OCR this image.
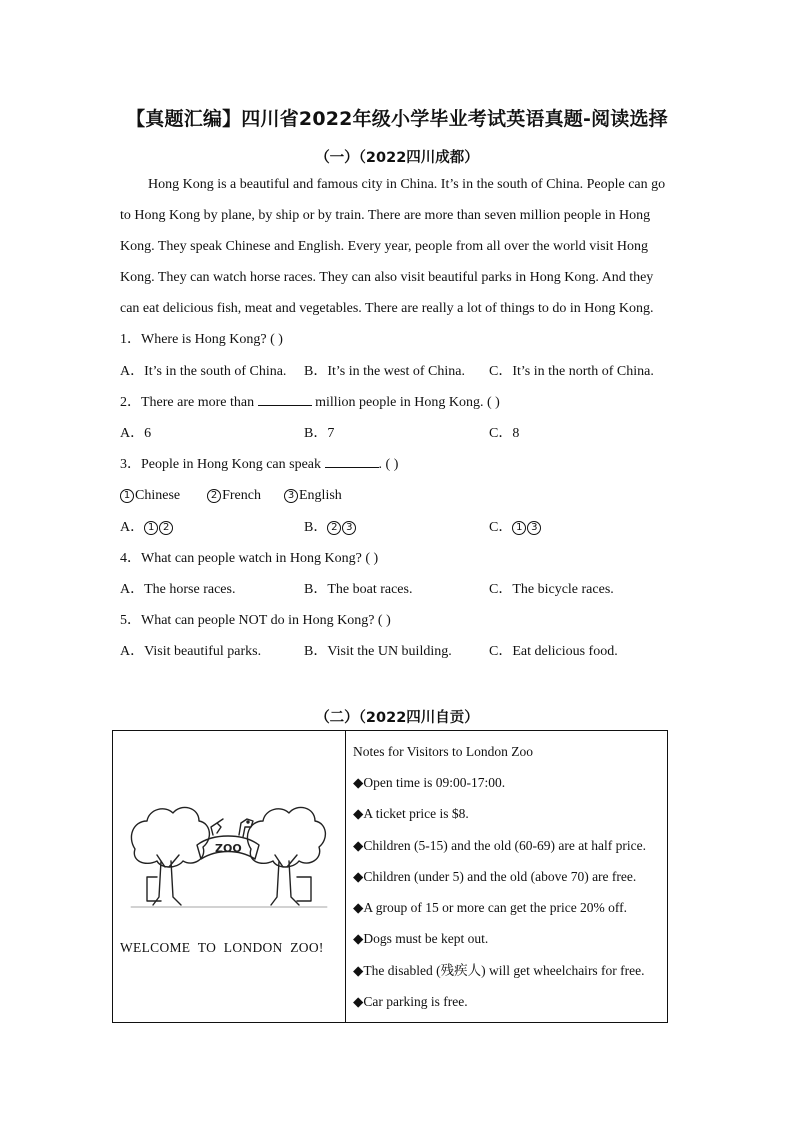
【真题汇编】四川省2022年级小学毕业考试英语真题-阅读选择
（一）（2022四川成都）

Hong Kong is a beautiful and famous city in China. It’s in the south of China. People can go to Hong Kong by plane, by ship or by train. There are more than seven million people in Hong Kong. They speak Chinese and English. Every year, people from all over the world visit Hong Kong. They can watch horse races. They can also visit beautiful parks in Hong Kong. And they can eat delicious fish, meat and vegetables. There are really a lot of things to do in Hong Kong.

1．Where is Hong Kong? ( )
A．It’s in the south of China. B．It’s in the west of China. C．It’s in the north of China.
2．There are more than	million people in Hong Kong. ( )
A．6	B．7	C．8
3．People in Hong Kong can speak	. ( )
1 Chinese	2 French	3 English
A． 1 2	B． 2 3	C． 1 3
4．What can people watch in Hong Kong? ( )
A．The horse races.	B．The boat races.	C．The bicycle races.
5．What can people NOT do in Hong Kong? ( )
A．Visit beautiful parks.	B．Visit the UN building.	C．Eat delicious food.
（二）（2022四川自贡）
ZOO
WELCOME TO LONDON ZOO!

Notes for Visitors to London Zoo
◆Open time is 09:00-17:00.
◆A ticket price is $8.
◆Children (5-15) and the old (60-69) are at half price.
◆Children (under 5) and the old (above 70) are free.
◆A group of 15 or more can get the price 20% off.
◆Dogs must be kept out.
◆The disabled (残疾人) will get wheelchairs for free.
◆Car parking is free.
